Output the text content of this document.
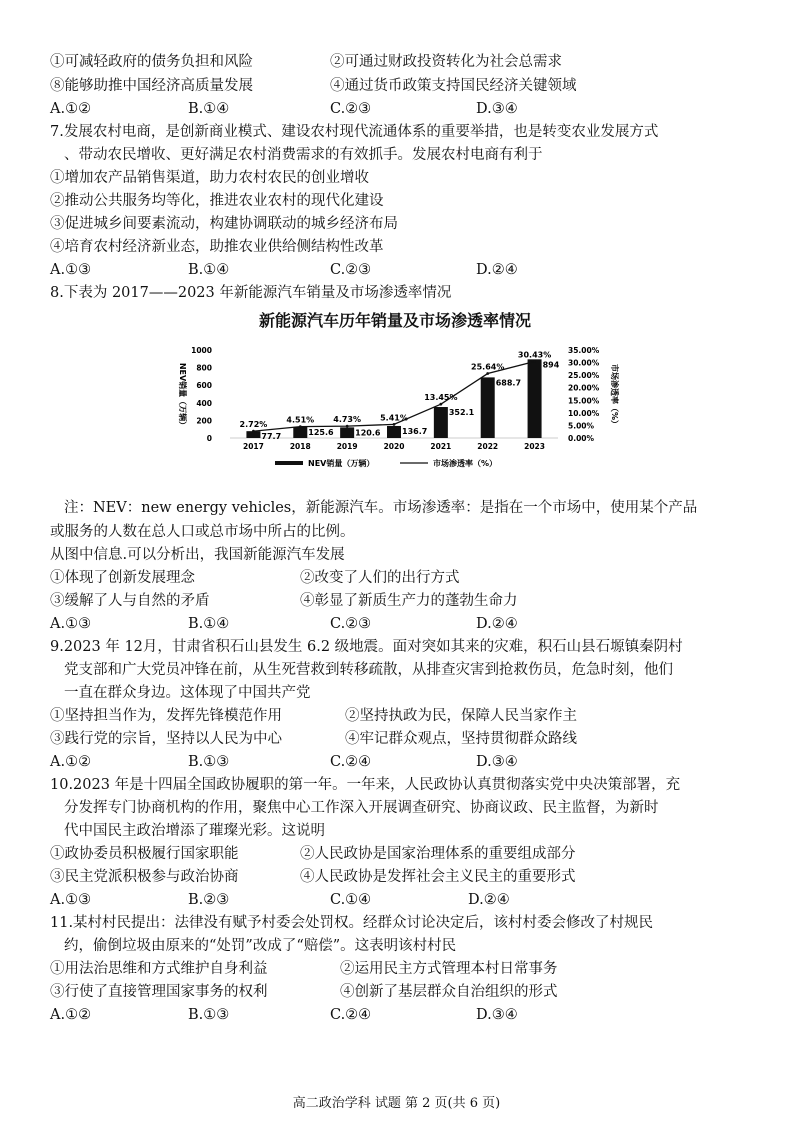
①可减轻政府的债务负担和风险	②可通过财政投资转化为社会总需求
⑧能够助推中国经济高质量发展	④通过货币政策支持国民经济关键领域
A.①②	B.①④	C.②③	D.③④
7.发展农村电商，是创新商业模式、建设农村现代流通体系的重要举措，也是转变农业发展方式
、带动农民增收、更好满足农村消费需求的有效抓手。发展农村电商有利于
①增加农产品销售渠道，助力农村农民的创业增收
②推动公共服务均等化，推进农业农村的现代化建设
③促进城乡间要素流动，构建协调联动的城乡经济布局
④培育农村经济新业态，助推农业供给侧结构性改革
A.①③	B.①④	C.②③	D.②④
8.下表为 2017——2023 年新能源汽车销量及市场渗透率情况
新能源汽车历年销量及市场渗透率情况
NEV销量（万辆）	市场渗透率（%）
0
200
400
600
800
1000
0.00%
5.00%
10.00%
15.00%
20.00%
25.00%
30.00%
35.00%
77.7	125.6	120.6	136.7
352.1
688.7
894
2017	2018	2019	2020	2021	2022	2023
2.72%
4.51% 4.73% 5.41%
13.45%
25.64%
30.43%
NEV销量（万辆）	市场渗透率（%）
注：NEV：new energy vehicles，新能源汽车。市场渗透率：是指在一个市场中，使用某个产品
或服务的人数在总人口或总市场中所占的比例。
从图中信息.可以分析出，我国新能源汽车发展
①体现了创新发展理念	②改变了人们的出行方式
③缓解了人与自然的矛盾	④彰显了新质生产力的蓬勃生命力
A.①③	B.①④	C.②③	D.②④
9.2023 年 12月，甘肃省积石山县发生 6.2 级地震。面对突如其来的灾难，积石山县石塬镇秦阴村
党支部和广大党员冲锋在前，从生死营救到转移疏散，从排查灾害到抢救伤员，危急时刻，他们
一直在群众身边。这体现了中国共产党
①坚持担当作为，发挥先锋模范作用	②坚持执政为民，保障人民当家作主
③践行党的宗旨，坚持以人民为中心	④牢记群众观点，坚持贯彻群众路线
A.①②	B.①③	C.②④	D.③④
10.2023 年是十四届全国政协履职的第一年。一年来，人民政协认真贯彻落实党中央决策部署，充
分发挥专门协商机构的作用，聚焦中心工作深入开展调查研究、协商议政、民主监督，为新时
代中国民主政治增添了璀璨光彩。这说明
①政协委员积极履行国家职能	②人民政协是国家治理体系的重要组成部分
③民主党派积极参与政治协商	④人民政协是发挥社会主义民主的重要形式
A.①③	B.②③	C.①④	D.②④
11.某村村民提出：法律没有赋予村委会处罚权。经群众讨论决定后，该村村委会修改了村规民
约，偷倒垃圾由原来的“处罚”改成了“赔偿”。这表明该村村民
①用法治思维和方式维护自身利益	②运用民主方式管理本村日常事务
③行使了直接管理国家事务的权利	④创新了基层群众自治组织的形式
A.①②	B.①③	C.②④	D.③④
高二政治学科 试题 第 2 页(共 6 页)
